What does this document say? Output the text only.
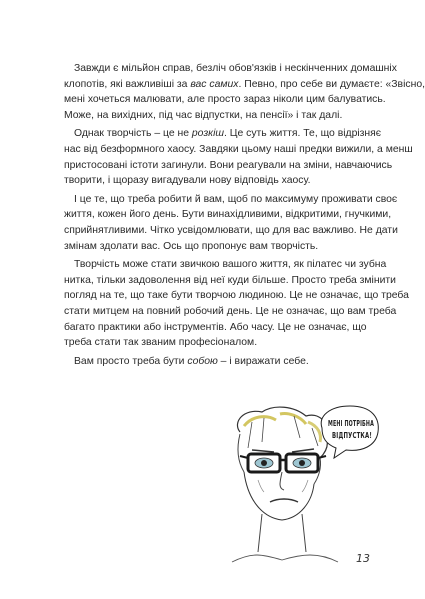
Завжди є мільйон справ, безліч обов'язків і нескінченних домашніх
клопотів, які важливіші за вас самих. Певно, про себе ви думаєте: «Звісно,
мені хочеться малювати, але просто зараз ніколи цим балуватись.
Може, на вихідних, під час відпустки, на пенсії» і так далі.

Однак творчість – це не розкіш. Це суть життя. Те, що відрізняє
нас від безформного хаосу. Завдяки цьому наші предки вижили, а менш
пристосовані істоти загинули. Вони реагували на зміни, навчаючись
творити, і щоразу вигадували нову відповідь хаосу.

І це те, що треба робити й вам, щоб по максимуму проживати своє
життя, кожен його день. Бути винахідливими, відкритими, гнучкими,
сприйнятливими. Чітко усвідомлювати, що для вас важливо. Не дати
змінам здолати вас. Ось що пропонує вам творчість.

Творчість може стати звичкою вашого життя, як пілатес чи зубна
нитка, тільки задоволення від неї куди більше. Просто треба змінити
погляд на те, що таке бути творчою людиною. Це не означає, що треба
стати митцем на повний робочий день. Це не означає, що вам треба
багато практики або інструментів. Або часу. Це не означає, що
треба стати так званим професіоналом.

Вам просто треба бути собою – і виражати себе.

МЕНІ ПОТРІБНА
ВІДПУСТКА!
13
